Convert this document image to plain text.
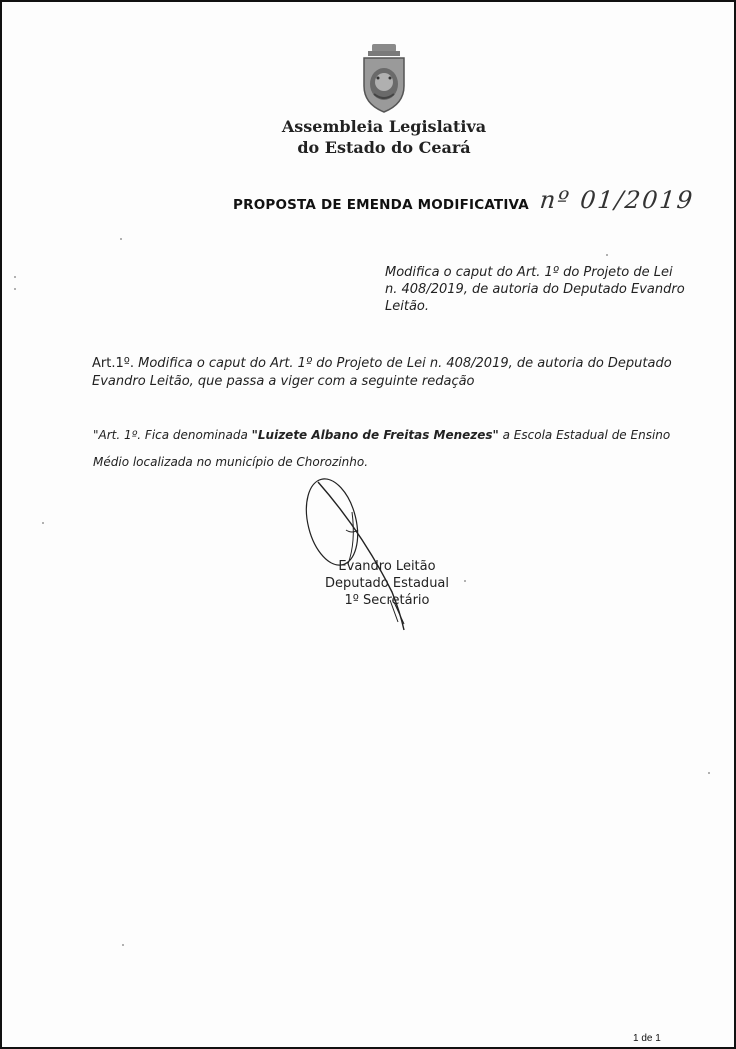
Assembleia Legislativa
do Estado do Ceará
PROPOSTA DE EMENDA MODIFICATIVA nº 01/2019
Modifica o caput do Art. 1º do Projeto de Lei n. 408/2019, de autoria do Deputado Evandro Leitão.
Art.1º. Modifica o caput do Art. 1º do Projeto de Lei n. 408/2019, de autoria do Deputado Evandro Leitão, que passa a viger com a seguinte redação
"Art. 1º. Fica denominada "Luizete Albano de Freitas Menezes" a Escola Estadual de Ensino Médio localizada no município de Chorozinho.
Evandro Leitão
Deputado Estadual
1º Secretário
1 de 1
